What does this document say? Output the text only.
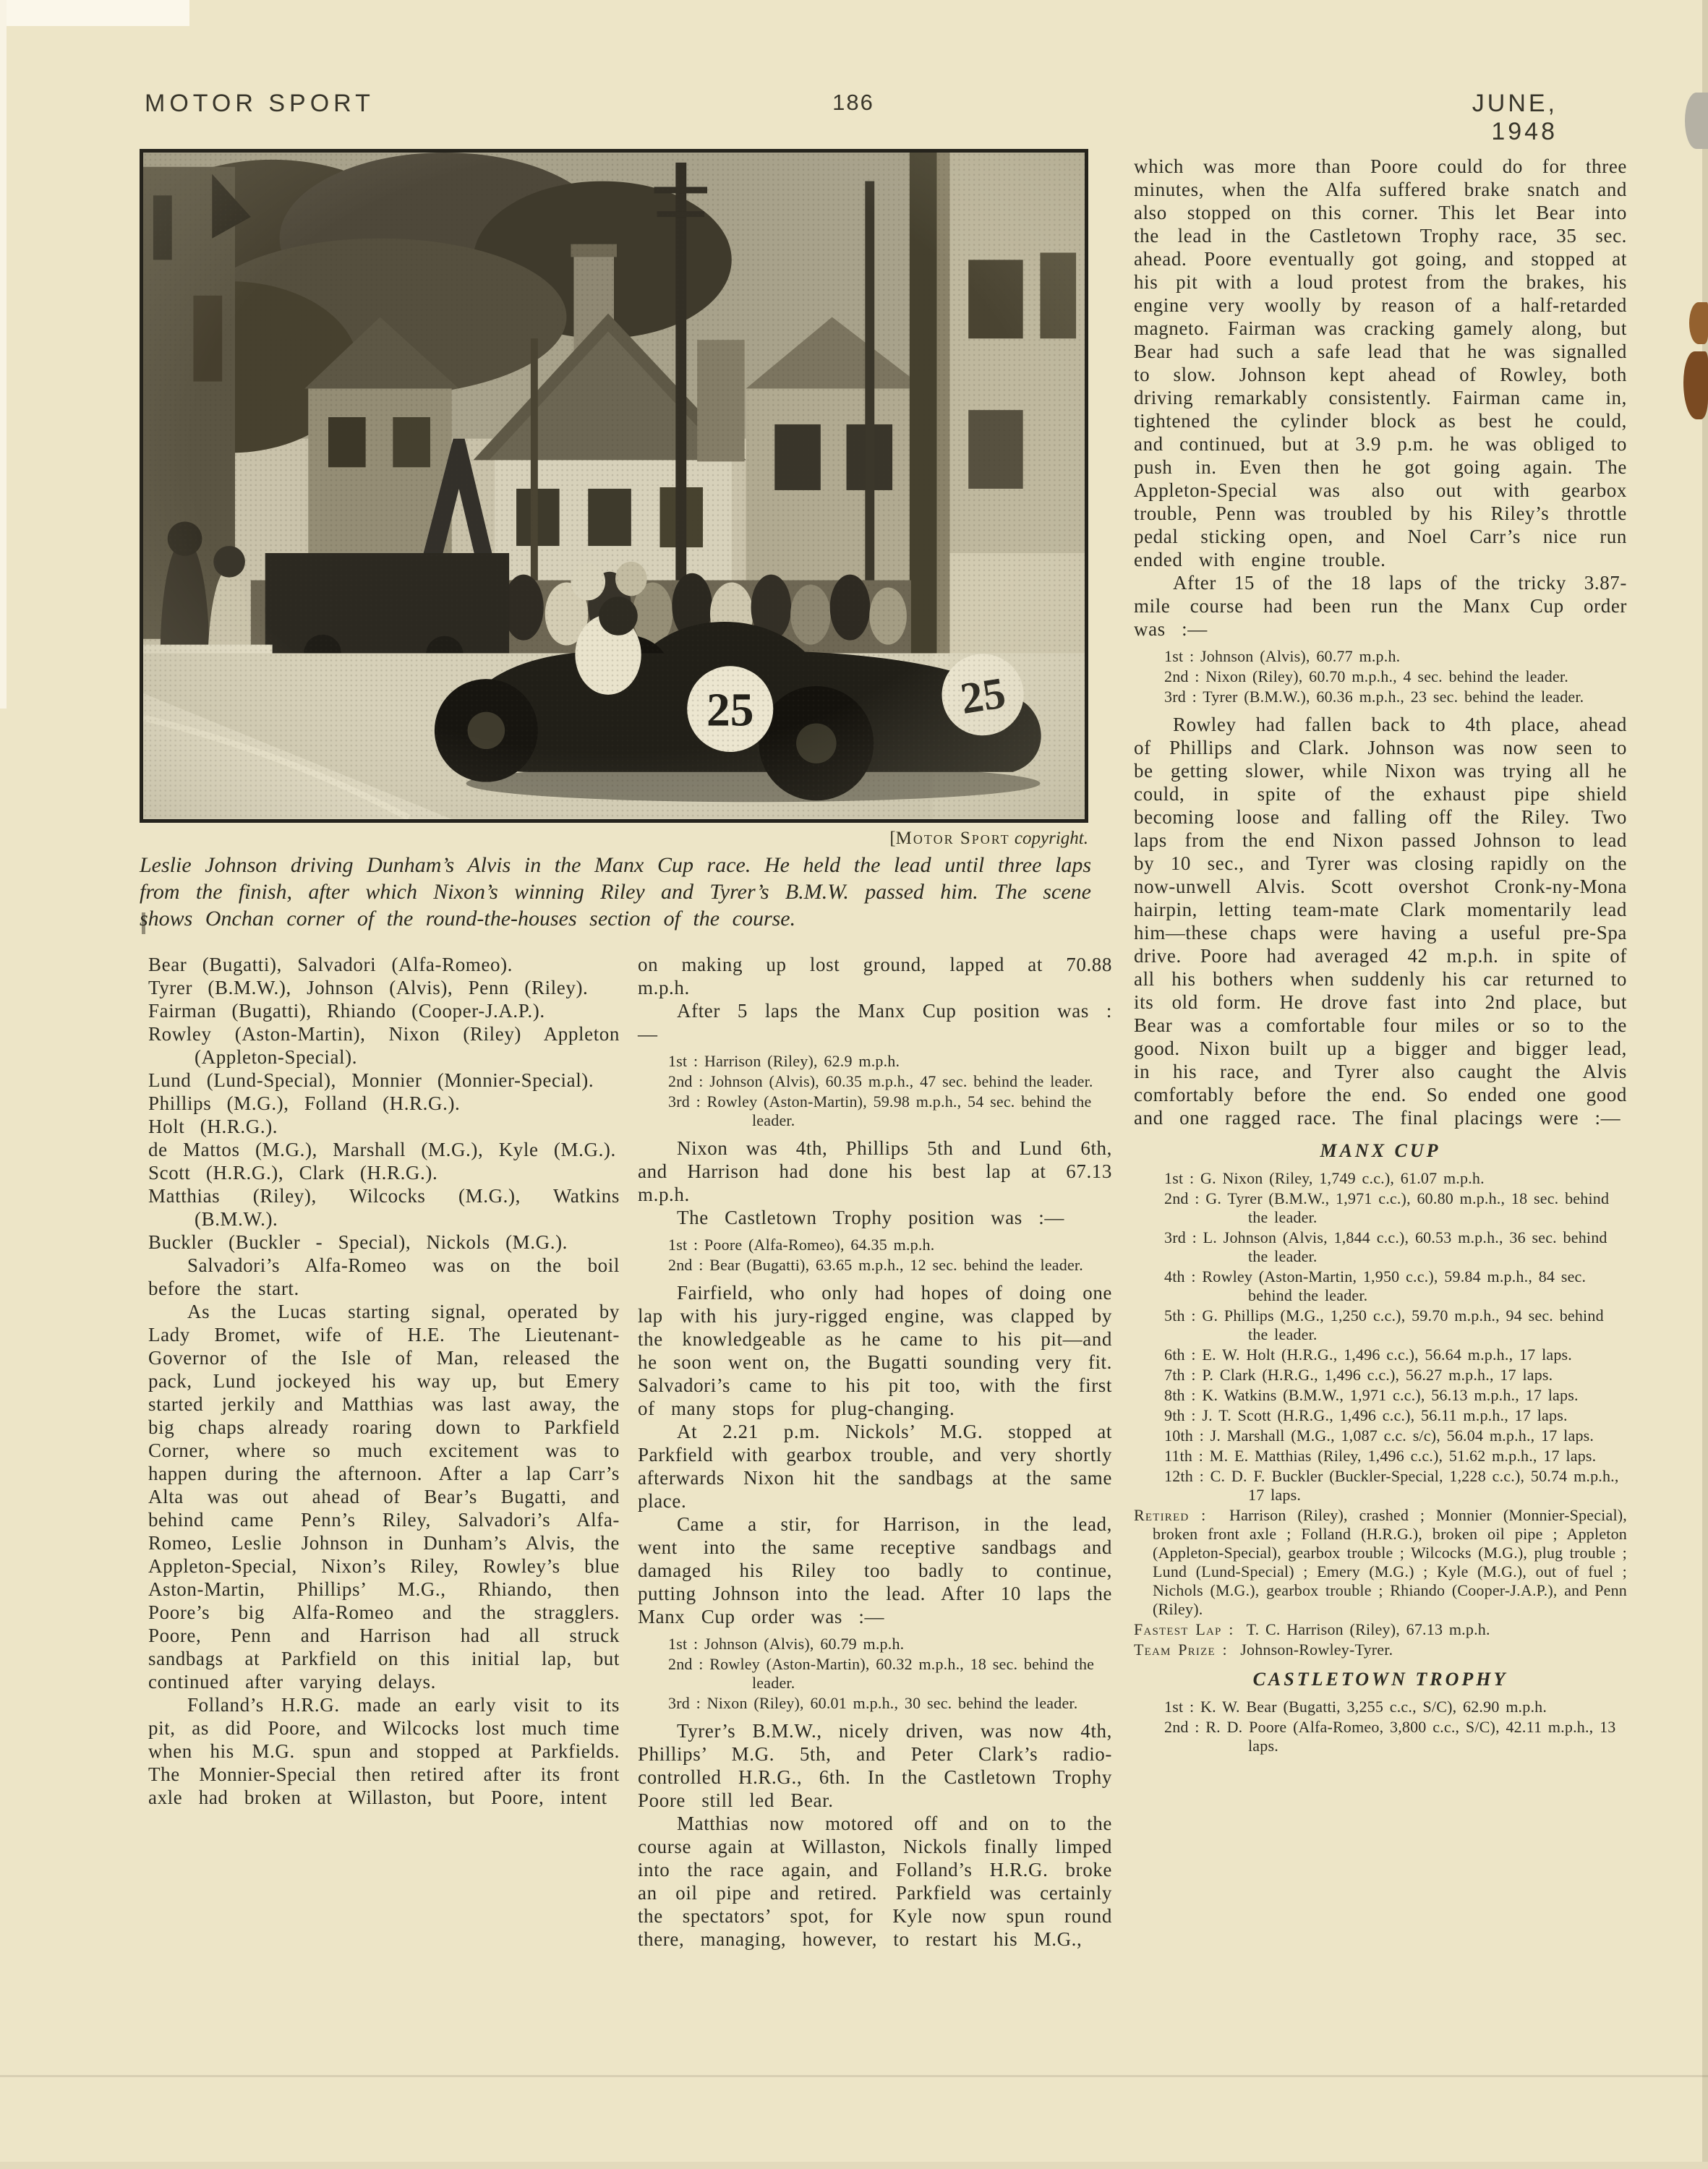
MOTOR SPORT	186	JUNE, 1948
[Motor Sport copyright.
Leslie Johnson driving Dunham’s Alvis in the Manx Cup race. He held the lead until three laps from the finish, after which Nixon’s winning Riley and Tyrer’s B.M.W. passed him. The scene shows Onchan corner of the round-the-houses section of the course.
Bear (Bugatti), Salvadori (Alfa-Romeo).
Tyrer (B.M.W.), Johnson (Alvis), Penn (Riley).
Fairman (Bugatti), Rhiando (Cooper-J.A.P.).
Rowley (Aston-Martin), Nixon (Riley) Appleton (Appleton-Special).
Lund (Lund-Special), Monnier (Monnier-Special).
Phillips (M.G.), Folland (H.R.G.).
Holt (H.R.G.).
de Mattos (M.G.), Marshall (M.G.), Kyle (M.G.).
Scott (H.R.G.), Clark (H.R.G.).
Matthias (Riley), Wilcocks (M.G.), Watkins (B.M.W.).
Buckler (Buckler - Special), Nickols (M.G.).
Salvadori’s Alfa-Romeo was on the boil before the start.
As the Lucas starting signal, operated by Lady Bromet, wife of H.E. The Lieutenant-Governor of the Isle of Man, released the pack, Lund jockeyed his way up, but Emery started jerkily and Matthias was last away, the big chaps already roaring down to Parkfield Corner, where so much excitement was to happen during the afternoon. After a lap Carr’s Alta was out ahead of Bear’s Bugatti, and behind came Penn’s Riley, Salvadori’s Alfa-Romeo, Leslie Johnson in Dunham’s Alvis, the Appleton-Special, Nixon’s Riley, Rowley’s blue Aston-Martin, Phillips’ M.G., Rhiando, then Poore’s big Alfa-Romeo and the stragglers. Poore, Penn and Harrison had all struck sandbags at Parkfield on this initial lap, but continued after varying delays.
Folland’s H.R.G. made an early visit to its pit, as did Poore, and Wilcocks lost much time when his M.G. spun and stopped at Parkfields. The Monnier-Special then retired after its front axle had broken at Willaston, but Poore, intent
on making up lost ground, lapped at 70.88 m.p.h.
After 5 laps the Manx Cup position was :—
1st : Harrison (Riley), 62.9 m.p.h.
2nd : Johnson (Alvis), 60.35 m.p.h., 47 sec. behind the leader.
3rd : Rowley (Aston-Martin), 59.98 m.p.h., 54 sec. behind the leader.
Nixon was 4th, Phillips 5th and Lund 6th, and Harrison had done his best lap at 67.13 m.p.h.
The Castletown Trophy position was :—
1st : Poore (Alfa-Romeo), 64.35 m.p.h.
2nd : Bear (Bugatti), 63.65 m.p.h., 12 sec. behind the leader.
Fairfield, who only had hopes of doing one lap with his jury-rigged engine, was clapped by the knowledgeable as he came to his pit—and he soon went on, the Bugatti sounding very fit. Salvadori’s came to his pit too, with the first of many stops for plug-changing.
At 2.21 p.m. Nickols’ M.G. stopped at Parkfield with gearbox trouble, and very shortly afterwards Nixon hit the sandbags at the same place.
Came a stir, for Harrison, in the lead, went into the same receptive sandbags and damaged his Riley too badly to continue, putting Johnson into the lead. After 10 laps the Manx Cup order was :—
1st : Johnson (Alvis), 60.79 m.p.h.
2nd : Rowley (Aston-Martin), 60.32 m.p.h., 18 sec. behind the leader.
3rd : Nixon (Riley), 60.01 m.p.h., 30 sec. behind the leader.
Tyrer’s B.M.W., nicely driven, was now 4th, Phillips’ M.G. 5th, and Peter Clark’s radio-controlled H.R.G., 6th. In the Castletown Trophy Poore still led Bear.
Matthias now motored off and on to the course again at Willaston, Nickols finally limped into the race again, and Folland’s H.R.G. broke an oil pipe and retired. Parkfield was certainly the spectators’ spot, for Kyle now spun round there, managing, however, to restart his M.G.,
which was more than Poore could do for three minutes, when the Alfa suffered brake snatch and also stopped on this corner. This let Bear into the lead in the Castletown Trophy race, 35 sec. ahead. Poore eventually got going, and stopped at his pit with a loud protest from the brakes, his engine very woolly by reason of a half-retarded magneto. Fairman was cracking gamely along, but Bear had such a safe lead that he was signalled to slow. Johnson kept ahead of Rowley, both driving remarkably consistently. Fairman came in, tightened the cylinder block as best he could, and continued, but at 3.9 p.m. he was obliged to push in. Even then he got going again. The Appleton-Special was also out with gearbox trouble, Penn was troubled by his Riley’s throttle pedal sticking open, and Noel Carr’s nice run ended with engine trouble.
After 15 of the 18 laps of the tricky 3.87-mile course had been run the Manx Cup order was :—
1st : Johnson (Alvis), 60.77 m.p.h.
2nd : Nixon (Riley), 60.70 m.p.h., 4 sec. behind the leader.
3rd : Tyrer (B.M.W.), 60.36 m.p.h., 23 sec. behind the leader.
Rowley had fallen back to 4th place, ahead of Phillips and Clark. Johnson was now seen to be getting slower, while Nixon was trying all he could, in spite of the exhaust pipe shield becoming loose and falling off the Riley. Two laps from the end Nixon passed Johnson to lead by 10 sec., and Tyrer was closing rapidly on the now-unwell Alvis. Scott overshot Cronk-ny-Mona hairpin, letting team-mate Clark momentarily lead him—these chaps were having a useful pre-Spa drive. Poore had averaged 42 m.p.h. in spite of all his bothers when suddenly his car returned to its old form. He drove fast into 2nd place, but Bear was a comfortable four miles or so to the good. Nixon built up a bigger and bigger lead, in his race, and Tyrer also caught the Alvis comfortably before the end. So ended one good and one ragged race. The final placings were :—
MANX CUP
1st : G. Nixon (Riley, 1,749 c.c.), 61.07 m.p.h.
2nd : G. Tyrer (B.M.W., 1,971 c.c.), 60.80 m.p.h., 18 sec. behind the leader.
3rd : L. Johnson (Alvis, 1,844 c.c.), 60.53 m.p.h., 36 sec. behind the leader.
4th : Rowley (Aston-Martin, 1,950 c.c.), 59.84 m.p.h., 84 sec. behind the leader.
5th : G. Phillips (M.G., 1,250 c.c.), 59.70 m.p.h., 94 sec. behind the leader.
6th : E. W. Holt (H.R.G., 1,496 c.c.), 56.64 m.p.h., 17 laps.
7th : P. Clark (H.R.G., 1,496 c.c.), 56.27 m.p.h., 17 laps.
8th : K. Watkins (B.M.W., 1,971 c.c.), 56.13 m.p.h., 17 laps.
9th : J. T. Scott (H.R.G., 1,496 c.c.), 56.11 m.p.h., 17 laps.
10th : J. Marshall (M.G., 1,087 c.c. s/c), 56.04 m.p.h., 17 laps.
11th : M. E. Matthias (Riley, 1,496 c.c.), 51.62 m.p.h., 17 laps.
12th : C. D. F. Buckler (Buckler-Special, 1,228 c.c.), 50.74 m.p.h., 17 laps.
Retired :  Harrison (Riley), crashed ; Monnier (Monnier-Special), broken front axle ; Folland (H.R.G.), broken oil pipe ; Appleton (Appleton-Special), gearbox trouble ; Wilcocks (M.G.), plug trouble ; Lund (Lund-Special) ; Emery (M.G.) ; Kyle (M.G.), out of fuel ; Nichols (M.G.), gearbox trouble ; Rhiando (Cooper-J.A.P.), and Penn (Riley).
Fastest Lap :  T. C. Harrison (Riley), 67.13 m.p.h.
Team Prize :  Johnson-Rowley-Tyrer.
CASTLETOWN TROPHY
1st : K. W. Bear (Bugatti, 3,255 c.c., S/C), 62.90 m.p.h.
2nd : R. D. Poore (Alfa-Romeo, 3,800 c.c., S/C), 42.11 m.p.h., 13 laps.
